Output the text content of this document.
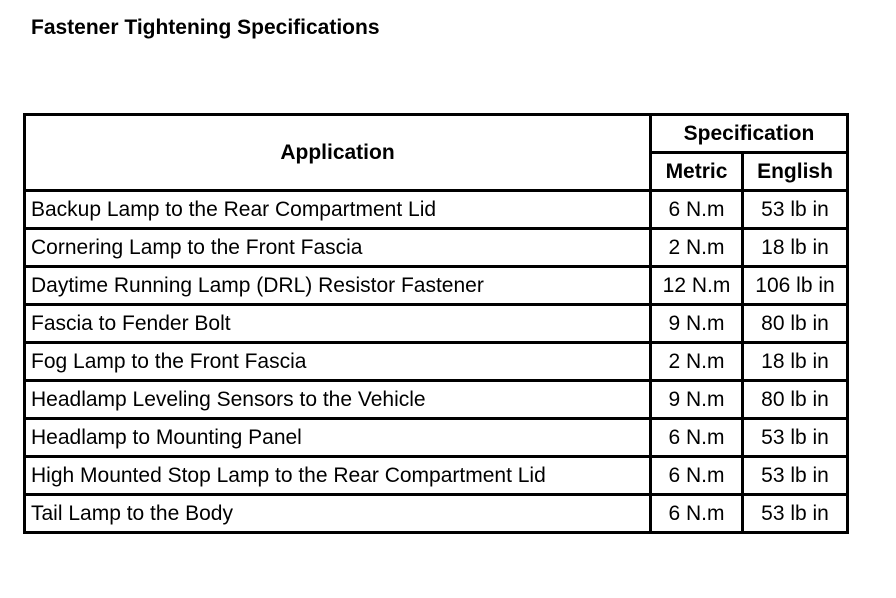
Fastener Tightening Specifications
Application	Specification	
	Metric	English
Backup Lamp to the Rear Compartment Lid	6 N.m	53 lb in
Cornering Lamp to the Front Fascia	2 N.m	18 lb in
Daytime Running Lamp (DRL) Resistor Fastener	12 N.m	106 lb in
Fascia to Fender Bolt	9 N.m	80 lb in
Fog Lamp to the Front Fascia	2 N.m	18 lb in
Headlamp Leveling Sensors to the Vehicle	9 N.m	80 lb in
Headlamp to Mounting Panel	6 N.m	53 lb in
High Mounted Stop Lamp to the Rear Compartment Lid	6 N.m	53 lb in
Tail Lamp to the Body	6 N.m	53 lb in
